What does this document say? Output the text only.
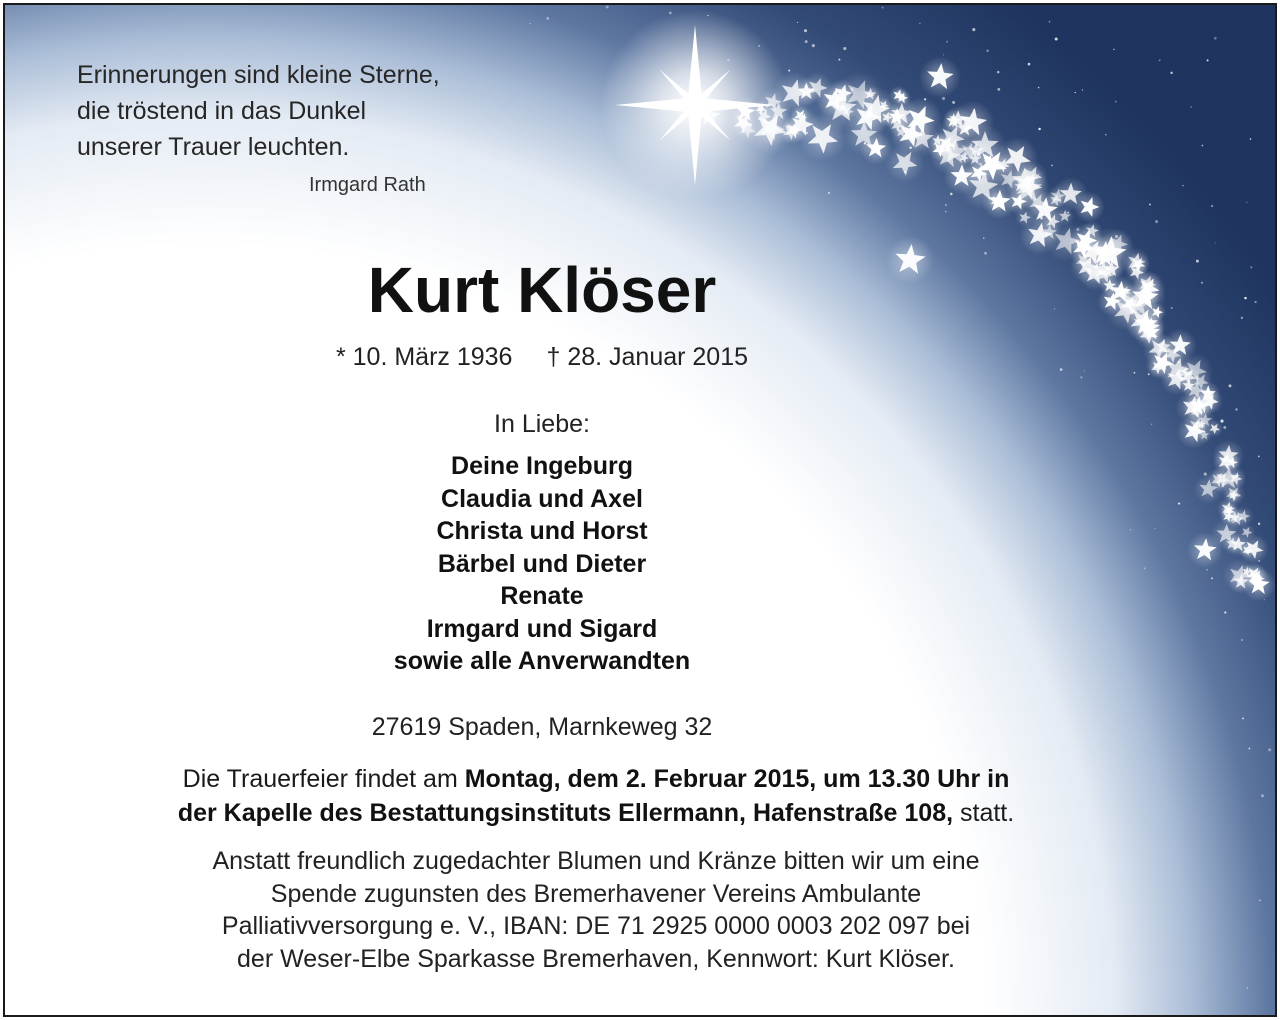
Erinnerungen sind kleine Sterne,
die tröstend in das Dunkel
unserer Trauer leuchten.
Irmgard Rath
Kurt Klöser
* 10. März 1936 † 28. Januar 2015
In Liebe:
Deine Ingeburg
Claudia und Axel
Christa und Horst
Bärbel und Dieter
Renate
Irmgard und Sigard
sowie alle Anverwandten
27619 Spaden, Marnkeweg 32
Die Trauerfeier findet am Montag, dem 2. Februar 2015, um 13.30 Uhr in
der Kapelle des Bestattungsinstituts Ellermann, Hafenstraße 108, statt.
Anstatt freundlich zugedachter Blumen und Kränze bitten wir um eine
Spende zugunsten des Bremerhavener Vereins Ambulante
Palliativversorgung e. V., IBAN: DE 71 2925 0000 0003 202 097 bei
der Weser-Elbe Sparkasse Bremerhaven, Kennwort: Kurt Klöser.
